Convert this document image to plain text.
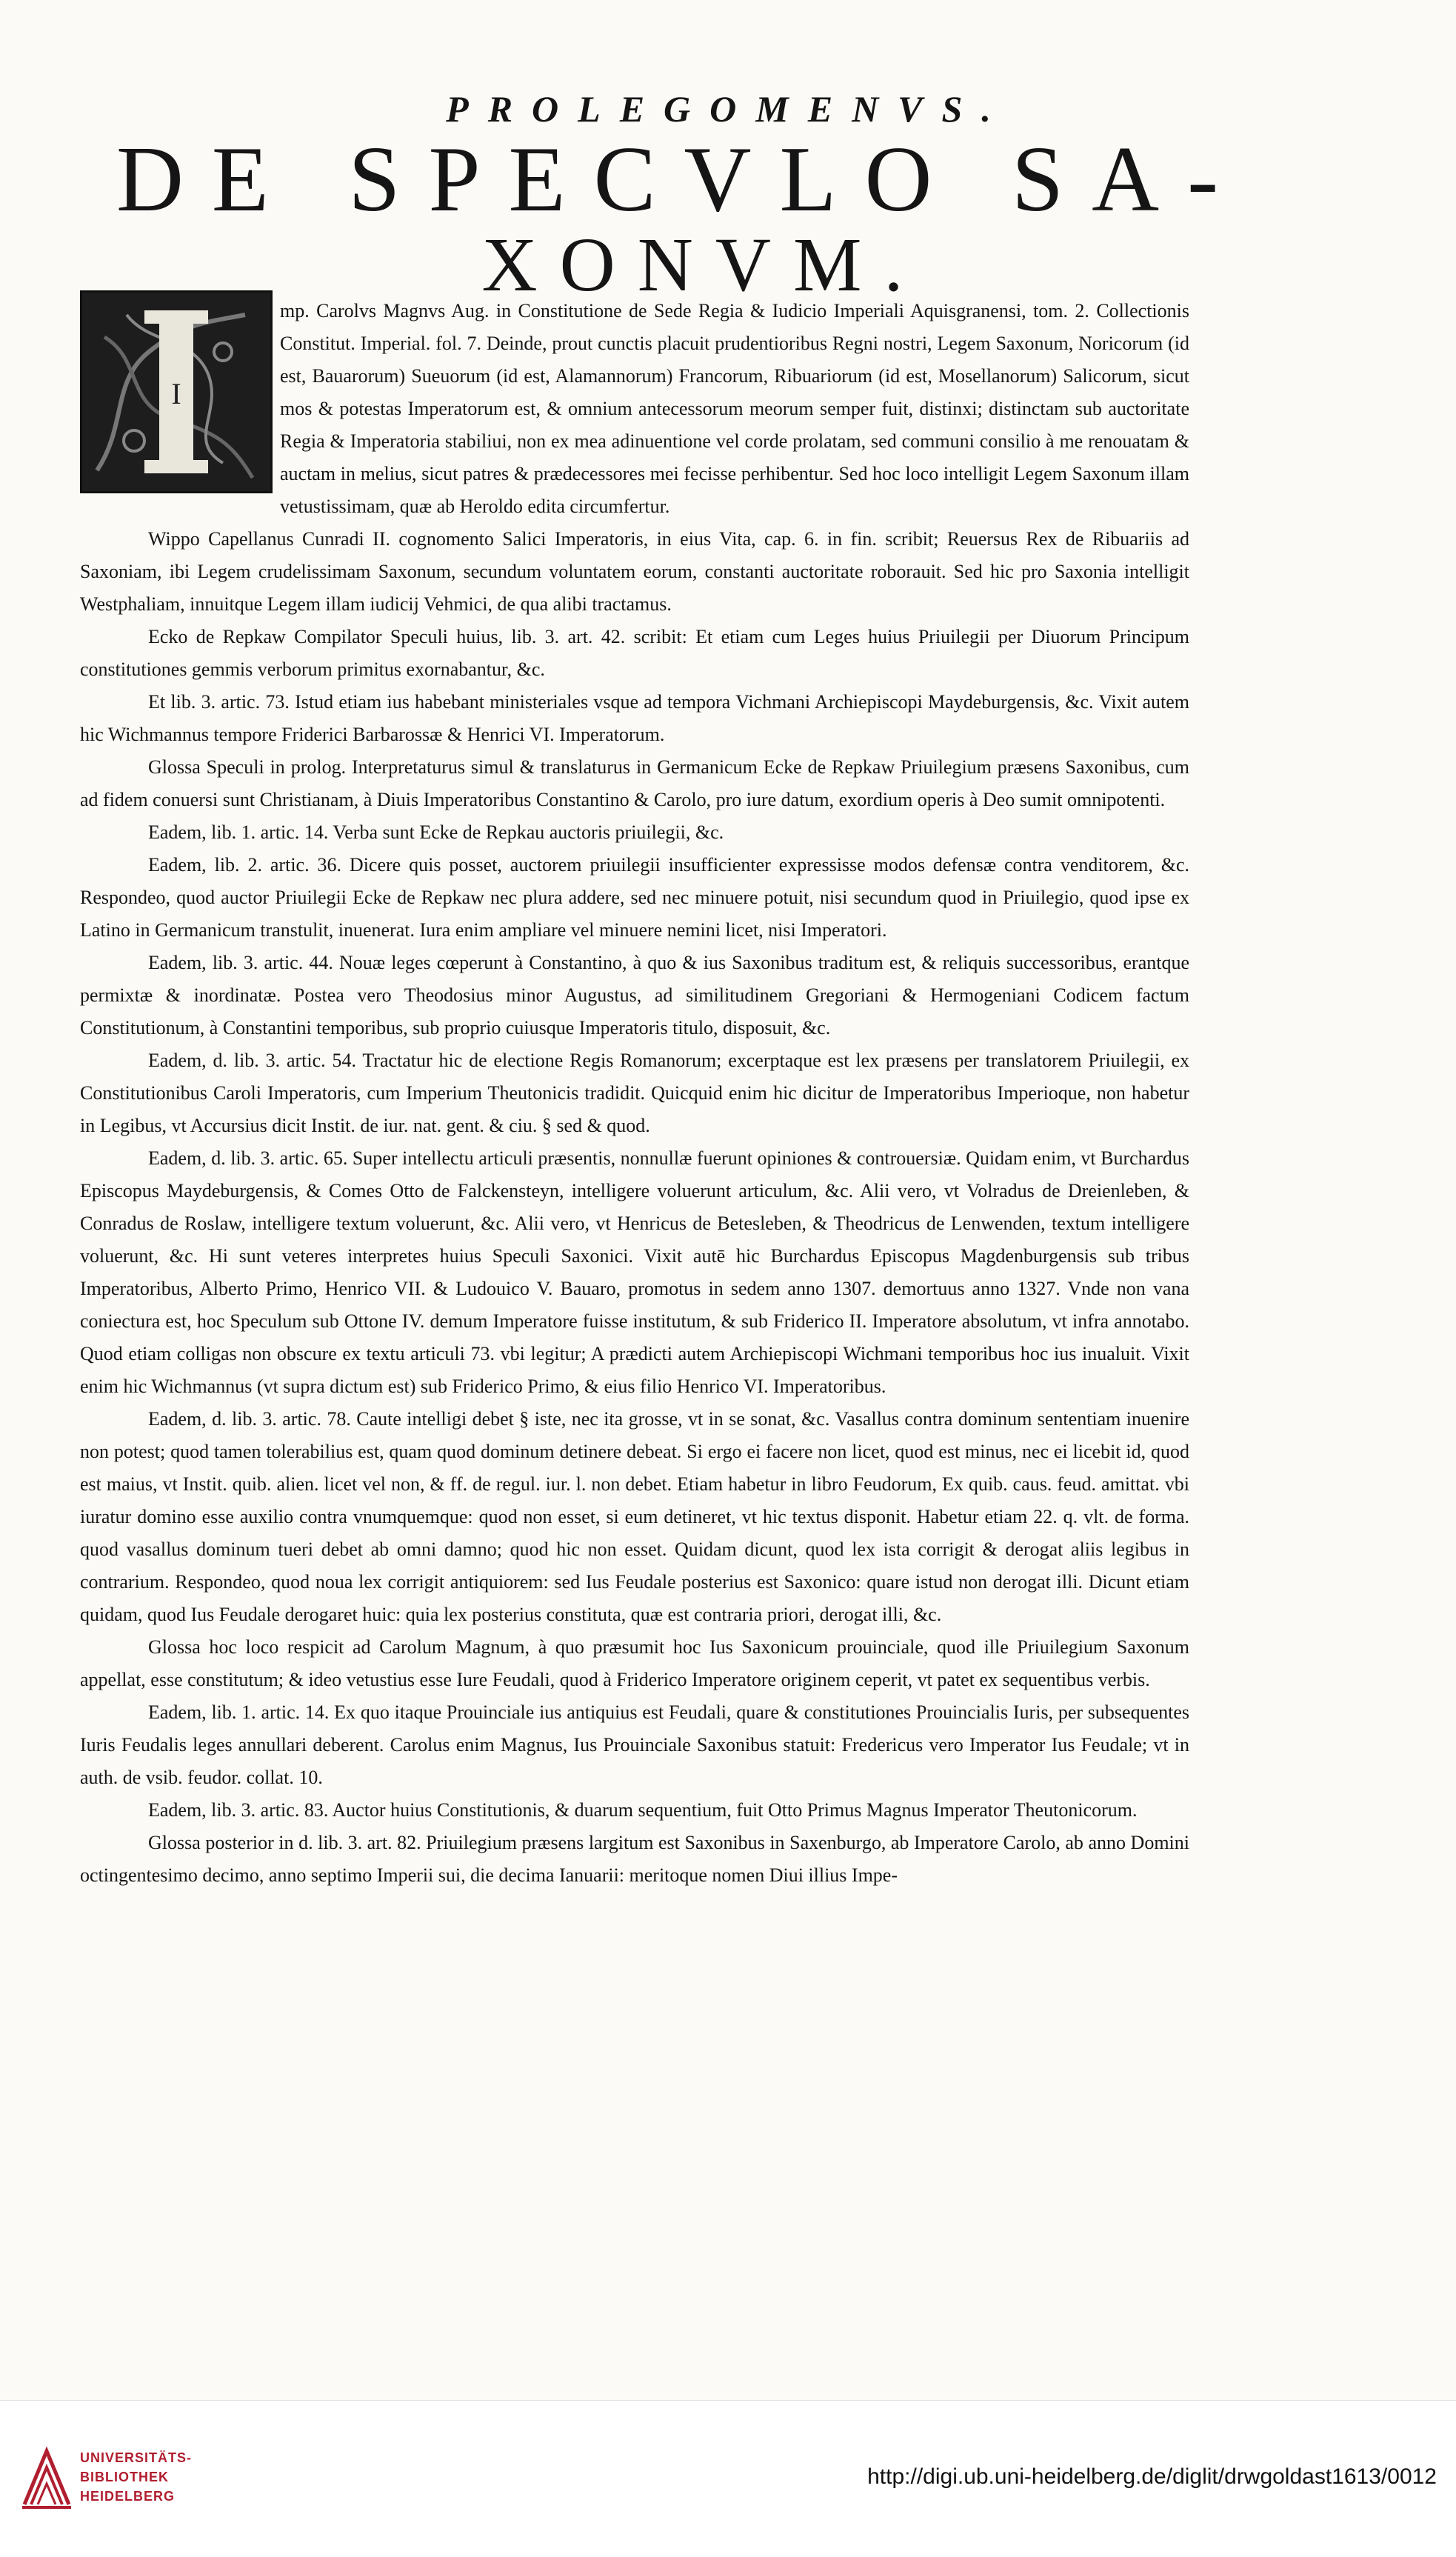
PROLEGOMENVS.
DE SPECVLO SA-
XONVM.
I

mp. Carolvs Magnvs Aug. in Constitutione de Sede Regia & Iudicio Imperiali Aquisgranensi, tom. 2. Collectionis Constitut. Imperial. fol. 7. Deinde, prout cunctis placuit prudentioribus Regni nostri, Legem Saxonum, Noricorum (id est, Bauarorum) Sueuorum (id est, Alamannorum) Francorum, Ribuariorum (id est, Mosellanorum) Salicorum, sicut mos & potestas Imperatorum est, & omnium antecessorum meorum semper fuit, distinxi; distinctam sub auctoritate Regia & Imperatoria stabiliui, non ex mea adinuentione vel corde prolatam, sed communi consilio à me renouatam & auctam in melius, sicut patres & prædecessores mei fecisse perhibentur. Sed hoc loco intelligit Legem Saxonum illam vetustissimam, quæ ab Heroldo edita circumfertur.

Wippo Capellanus Cunradi II. cognomento Salici Imperatoris, in eius Vita, cap. 6. in fin. scribit; Reuersus Rex de Ribuariis ad Saxoniam, ibi Legem crudelissimam Saxonum, secundum voluntatem eorum, constanti auctoritate roborauit. Sed hic pro Saxonia intelligit Westphaliam, innuitque Legem illam iudicij Vehmici, de qua alibi tractamus.

Ecko de Repkaw Compilator Speculi huius, lib. 3. art. 42. scribit: Et etiam cum Leges huius Priuilegii per Diuorum Principum constitutiones gemmis verborum primitus exornabantur, &c.

Et lib. 3. artic. 73. Istud etiam ius habebant ministeriales vsque ad tempora Vichmani Archiepiscopi Maydeburgensis, &c. Vixit autem hic Wichmannus tempore Friderici Barbarossæ & Henrici VI. Imperatorum.

Glossa Speculi in prolog. Interpretaturus simul & translaturus in Germanicum Ecke de Repkaw Priuilegium præsens Saxonibus, cum ad fidem conuersi sunt Christianam, à Diuis Imperatoribus Constantino & Carolo, pro iure datum, exordium operis à Deo sumit omnipotenti.

Eadem, lib. 1. artic. 14. Verba sunt Ecke de Repkau auctoris priuilegii, &c.

Eadem, lib. 2. artic. 36. Dicere quis posset, auctorem priuilegii insufficienter expressisse modos defensæ contra venditorem, &c. Respondeo, quod auctor Priuilegii Ecke de Repkaw nec plura addere, sed nec minuere potuit, nisi secundum quod in Priuilegio, quod ipse ex Latino in Germanicum transtulit, inuenerat. Iura enim ampliare vel minuere nemini licet, nisi Imperatori.

Eadem, lib. 3. artic. 44. Nouæ leges cœperunt à Constantino, à quo & ius Saxonibus traditum est, & reliquis successoribus, erantque permixtæ & inordinatæ. Postea vero Theodosius minor Augustus, ad similitudinem Gregoriani & Hermogeniani Codicem factum Constitutionum, à Constantini temporibus, sub proprio cuiusque Imperatoris titulo, disposuit, &c.

Eadem, d. lib. 3. artic. 54. Tractatur hic de electione Regis Romanorum; excerptaque est lex præsens per translatorem Priuilegii, ex Constitutionibus Caroli Imperatoris, cum Imperium Theutonicis tradidit. Quicquid enim hic dicitur de Imperatoribus Imperioque, non habetur in Legibus, vt Accursius dicit Instit. de iur. nat. gent. & ciu. § sed & quod.

Eadem, d. lib. 3. artic. 65. Super intellectu articuli præsentis, nonnullæ fuerunt opiniones & controuersiæ. Quidam enim, vt Burchardus Episcopus Maydeburgensis, & Comes Otto de Falckensteyn, intelligere voluerunt articulum, &c. Alii vero, vt Volradus de Dreienleben, & Conradus de Roslaw, intelligere textum voluerunt, &c. Alii vero, vt Henricus de Betesleben, & Theodricus de Lenwenden, textum intelligere voluerunt, &c. Hi sunt veteres interpretes huius Speculi Saxonici. Vixit autē hic Burchardus Episcopus Magdenburgensis sub tribus Imperatoribus, Alberto Primo, Henrico VII. & Ludouico V. Bauaro, promotus in sedem anno 1307. demortuus anno 1327. Vnde non vana coniectura est, hoc Speculum sub Ottone IV. demum Imperatore fuisse institutum, & sub Friderico II. Imperatore absolutum, vt infra annotabo. Quod etiam colligas non obscure ex textu articuli 73. vbi legitur; A prædicti autem Archiepiscopi Wichmani temporibus hoc ius inualuit. Vixit enim hic Wichmannus (vt supra dictum est) sub Friderico Primo, & eius filio Henrico VI. Imperatoribus.

Eadem, d. lib. 3. artic. 78. Caute intelligi debet § iste, nec ita grosse, vt in se sonat, &c. Vasallus contra dominum sententiam inuenire non potest; quod tamen tolerabilius est, quam quod dominum detinere debeat. Si ergo ei facere non licet, quod est minus, nec ei licebit id, quod est maius, vt Instit. quib. alien. licet vel non, & ff. de regul. iur. l. non debet. Etiam habetur in libro Feudorum, Ex quib. caus. feud. amittat. vbi iuratur domino esse auxilio contra vnumquemque: quod non esset, si eum detineret, vt hic textus disponit. Habetur etiam 22. q. vlt. de forma. quod vasallus dominum tueri debet ab omni damno; quod hic non esset. Quidam dicunt, quod lex ista corrigit & derogat aliis legibus in contrarium. Respondeo, quod noua lex corrigit antiquiorem: sed Ius Feudale posterius est Saxonico: quare istud non derogat illi. Dicunt etiam quidam, quod Ius Feudale derogaret huic: quia lex posterius constituta, quæ est contraria priori, derogat illi, &c.

Glossa hoc loco respicit ad Carolum Magnum, à quo præsumit hoc Ius Saxonicum prouinciale, quod ille Priuilegium Saxonum appellat, esse constitutum; & ideo vetustius esse Iure Feudali, quod à Friderico Imperatore originem ceperit, vt patet ex sequentibus verbis.

Eadem, lib. 1. artic. 14. Ex quo itaque Prouinciale ius antiquius est Feudali, quare & constitutiones Prouincialis Iuris, per subsequentes Iuris Feudalis leges annullari deberent. Carolus enim Magnus, Ius Prouinciale Saxonibus statuit: Fredericus vero Imperator Ius Feudale; vt in auth. de vsib. feudor. collat. 10.

Eadem, lib. 3. artic. 83. Auctor huius Constitutionis, & duarum sequentium, fuit Otto Primus Magnus Imperator Theutonicorum.

Glossa posterior in d. lib. 3. art. 82. Priuilegium præsens largitum est Saxonibus in Saxenburgo, ab Imperatore Carolo, ab anno Domini octingentesimo decimo, anno septimo Imperii sui, die decima Ianuarii: meritoque nomen Diui illius Impe-

UNIVERSITÄTS-
BIBLIOTHEK
HEIDELBERG
http://digi.ub.uni-heidelberg.de/diglit/drwgoldast1613/0012
